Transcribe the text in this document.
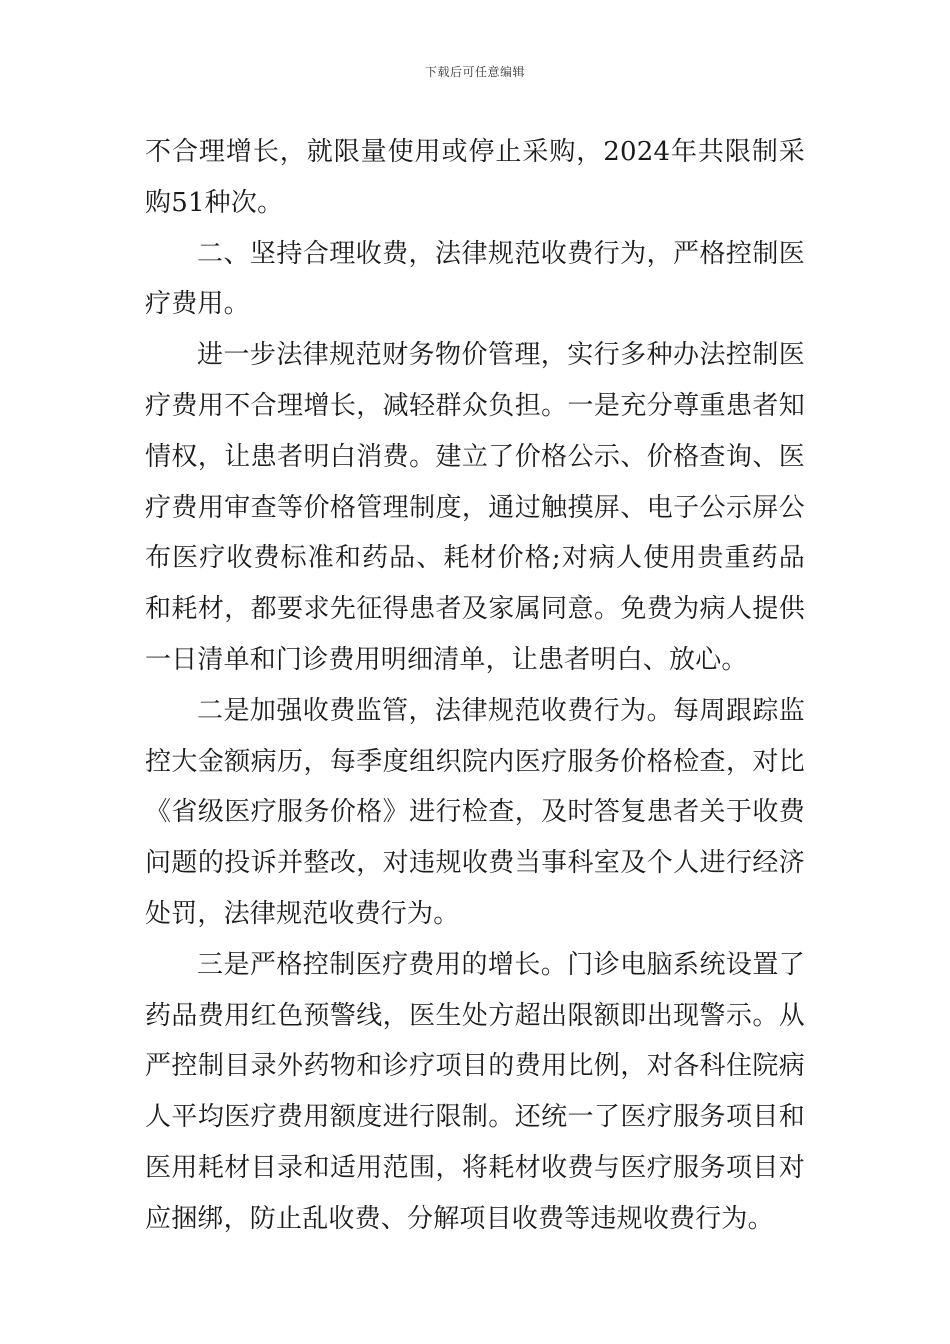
下载后可任意编辑

不合理增长，就限量使用或停止采购，2024年共限制采购51种次。

二、坚持合理收费，法律规范收费行为，严格控制医疗费用。

进一步法律规范财务物价管理，实行多种办法控制医疗费用不合理增长，减轻群众负担。一是充分尊重患者知情权，让患者明白消费。建立了价格公示、价格查询、医疗费用审查等价格管理制度，通过触摸屏、电子公示屏公布医疗收费标准和药品、耗材价格;对病人使用贵重药品和耗材，都要求先征得患者及家属同意。免费为病人提供一日清单和门诊费用明细清单，让患者明白、放心。

二是加强收费监管，法律规范收费行为。每周跟踪监控大金额病历，每季度组织院内医疗服务价格检查，对比《省级医疗服务价格》进行检查，及时答复患者关于收费问题的投诉并整改，对违规收费当事科室及个人进行经济处罚，法律规范收费行为。

三是严格控制医疗费用的增长。门诊电脑系统设置了药品费用红色预警线，医生处方超出限额即出现警示。从严控制目录外药物和诊疗项目的费用比例，对各科住院病人平均医疗费用额度进行限制。还统一了医疗服务项目和医用耗材目录和适用范围，将耗材收费与医疗服务项目对应捆绑，防止乱收费、分解项目收费等违规收费行为。
